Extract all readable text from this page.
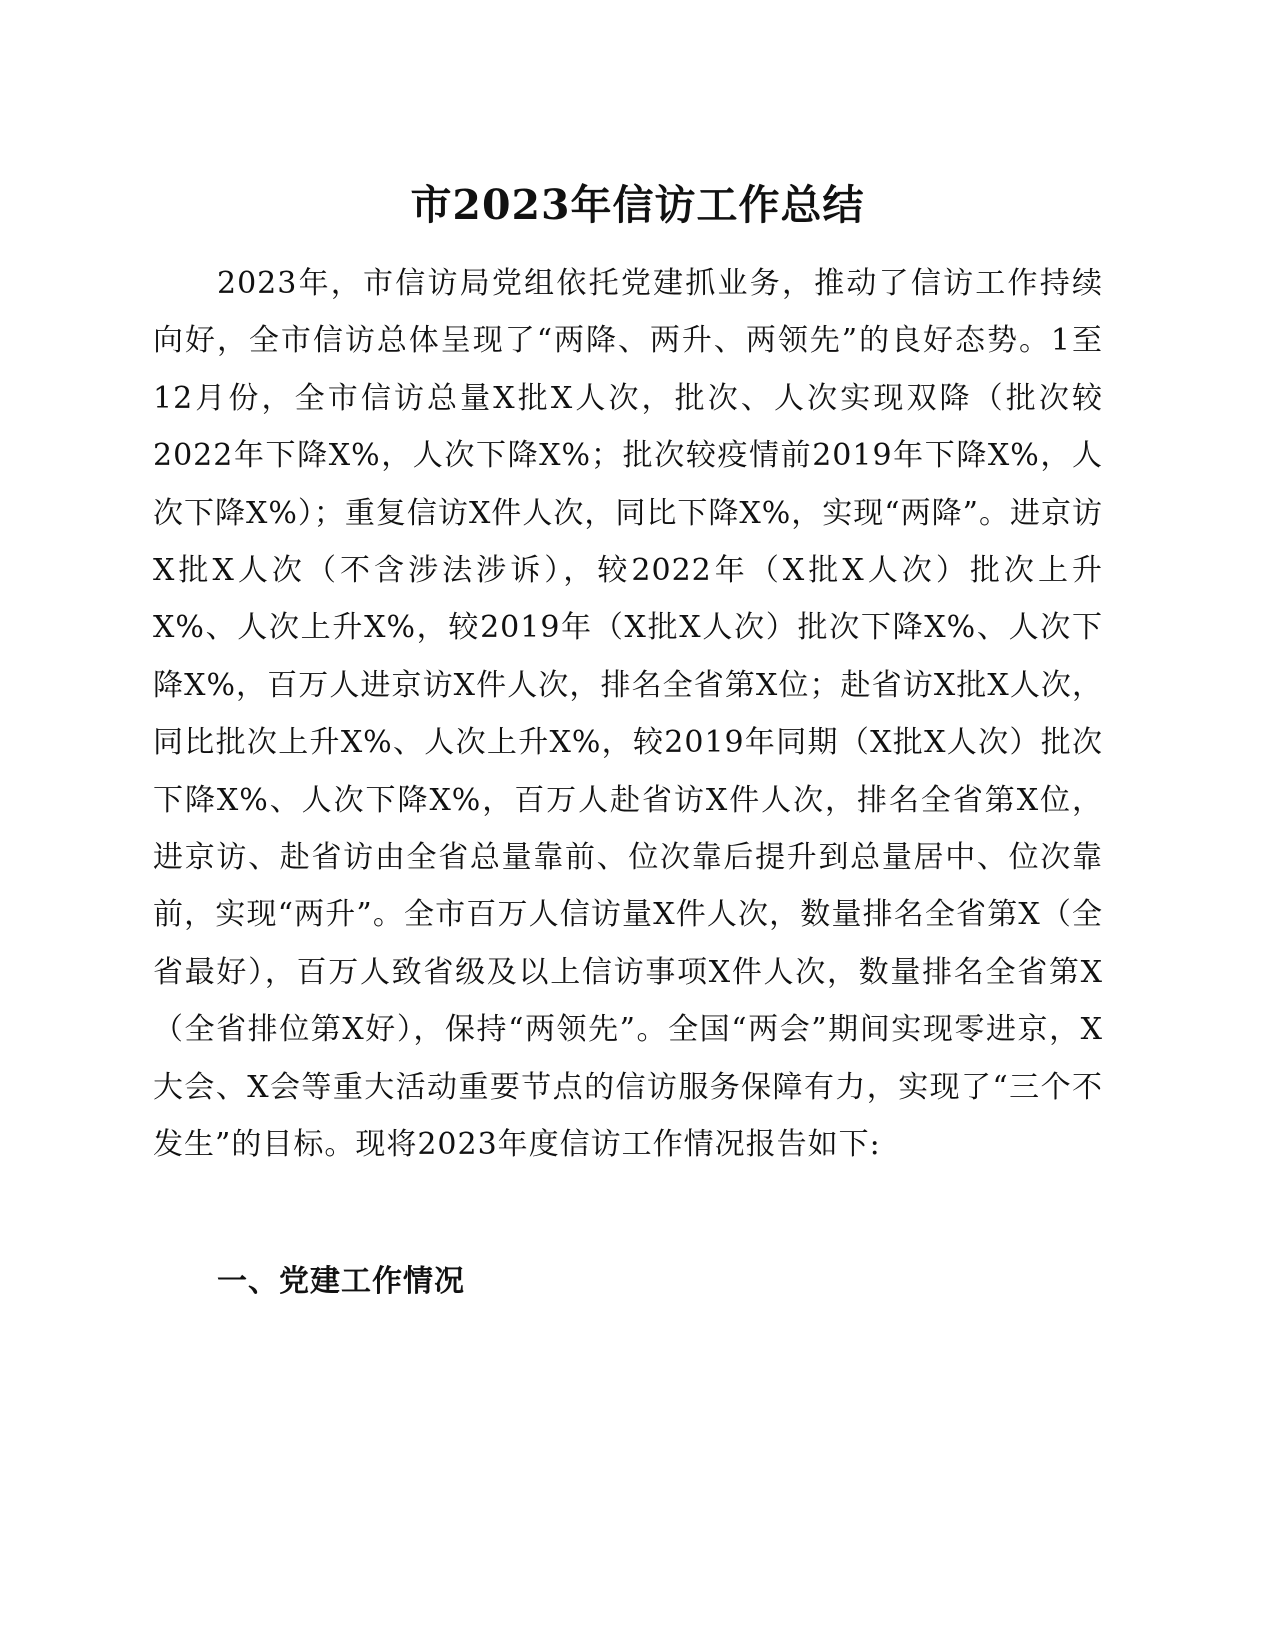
市2023年信访工作总结

2023年，市信访局党组依托党建抓业务，推动了信访工作持续向好，全市信访总体呈现了“两降、两升、两领先”的良好态势。1至12月份，全市信访总量X批X人次，批次、人次实现双降（批次较2022年下降X%，人次下降X%；批次较疫情前2019年下降X%，人次下降X%）；重复信访X件人次，同比下降X%，实现“两降”。进京访X批X人次（不含涉法涉诉），较2022年（X批X人次）批次上升X%、人次上升X%，较2019年（X批X人次）批次下降X%、人次下降X%，百万人进京访X件人次，排名全省第X位；赴省访X批X人次，同比批次上升X%、人次上升X%，较2019年同期（X批X人次）批次下降X%、人次下降X%，百万人赴省访X件人次，排名全省第X位，进京访、赴省访由全省总量靠前、位次靠后提升到总量居中、位次靠前，实现“两升”。全市百万人信访量X件人次，数量排名全省第X（全省最好），百万人致省级及以上信访事项X件人次，数量排名全省第X（全省排位第X好），保持“两领先”。全国“两会”期间实现零进京，X大会、X会等重大活动重要节点的信访服务保障有力，实现了“三个不发生”的目标。现将2023年度信访工作情况报告如下:

一、党建工作情况
